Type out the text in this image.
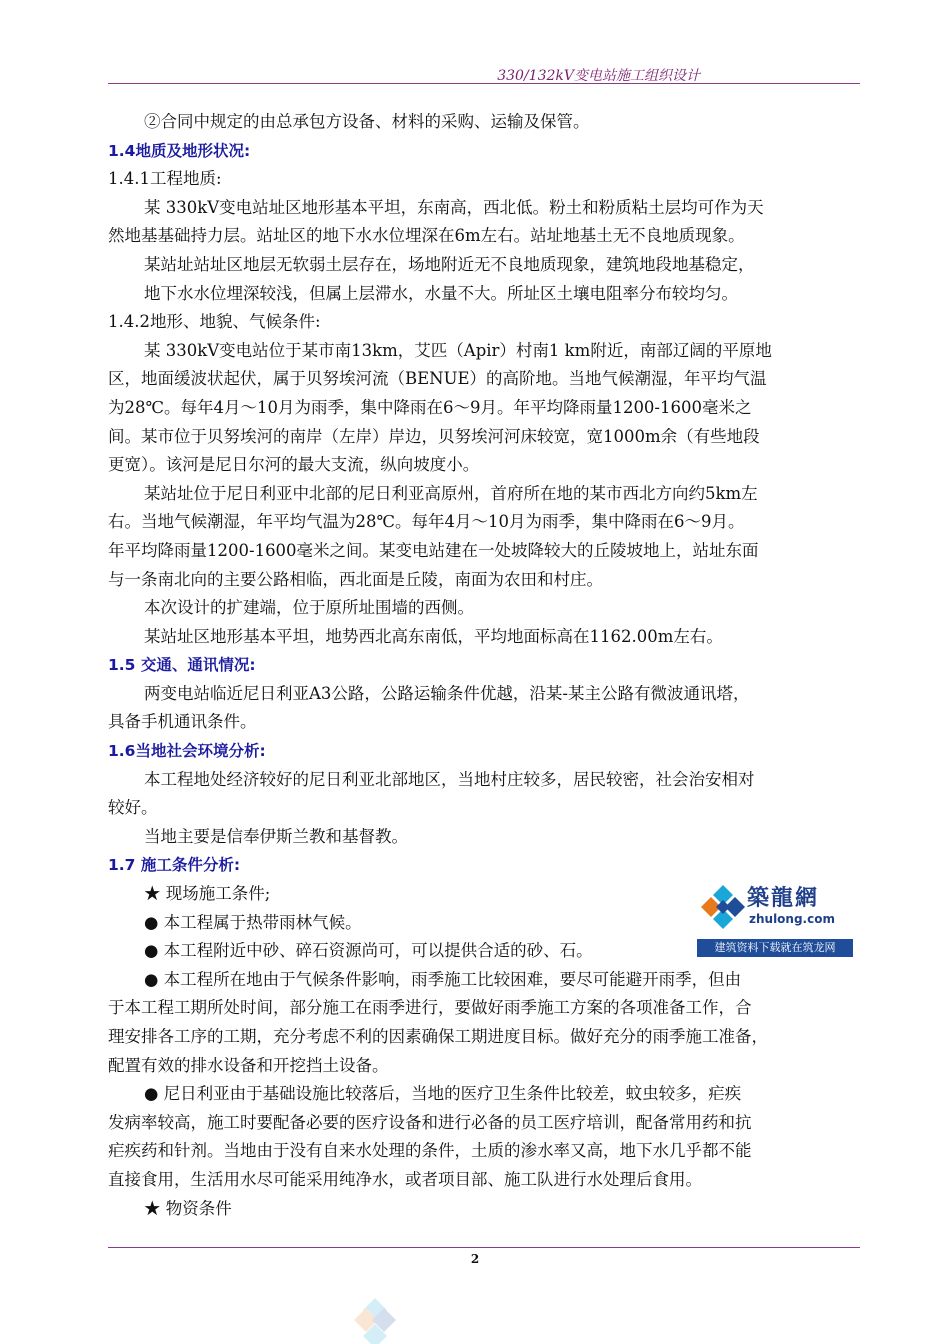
330/132kV变电站施工组织设计
②合同中规定的由总承包方设备、材料的采购、运输及保管。
1.4地质及地形状况:
1.4.1工程地质:
某 330kV变电站址区地形基本平坦，东南高，西北低。粉土和粉质粘土层均可作为天
然地基基础持力层。站址区的地下水水位埋深在6m左右。站址地基土无不良地质现象。
某站址站址区地层无软弱土层存在，场地附近无不良地质现象，建筑地段地基稳定，
地下水水位埋深较浅，但属上层滞水，水量不大。所址区土壤电阻率分布较均匀。
1.4.2地形、地貌、气候条件:
某 330kV变电站位于某市南13km，艾匹（Apir）村南1 km附近，南部辽阔的平原地
区，地面缓波状起伏，属于贝努埃河流（BENUE）的高阶地。当地气候潮湿，年平均气温
为28℃。每年4月～10月为雨季，集中降雨在6～9月。年平均降雨量1200-1600毫米之
间。某市位于贝努埃河的南岸（左岸）岸边，贝努埃河河床较宽，宽1000m余（有些地段
更宽）。该河是尼日尔河的最大支流，纵向坡度小。
某站址位于尼日利亚中北部的尼日利亚高原州，首府所在地的某市西北方向约5km左
右。当地气候潮湿，年平均气温为28℃。每年4月～10月为雨季，集中降雨在6～9月。
年平均降雨量1200-1600毫米之间。某变电站建在一处坡降较大的丘陵坡地上，站址东面
与一条南北向的主要公路相临，西北面是丘陵，南面为农田和村庄。
本次设计的扩建端，位于原所址围墙的西侧。
某站址区地形基本平坦，地势西北高东南低，平均地面标高在1162.00m左右。
1.5 交通、通讯情况:
两变电站临近尼日利亚A3公路，公路运输条件优越，沿某-某主公路有微波通讯塔，
具备手机通讯条件。
1.6当地社会环境分析:
本工程地处经济较好的尼日利亚北部地区，当地村庄较多，居民较密，社会治安相对
较好。
当地主要是信奉伊斯兰教和基督教。
1.7 施工条件分析:
★ 现场施工条件;
● 本工程属于热带雨林气候。
● 本工程附近中砂、碎石资源尚可，可以提供合适的砂、石。
● 本工程所在地由于气候条件影响，雨季施工比较困难，要尽可能避开雨季，但由
于本工程工期所处时间，部分施工在雨季进行，要做好雨季施工方案的各项准备工作，合
理安排各工序的工期，充分考虑不利的因素确保工期进度目标。做好充分的雨季施工准备，
配置有效的排水设备和开挖挡土设备。
● 尼日利亚由于基础设施比较落后，当地的医疗卫生条件比较差，蚊虫较多，疟疾
发病率较高，施工时要配备必要的医疗设备和进行必备的员工医疗培训，配备常用药和抗
疟疾药和针剂。当地由于没有自来水处理的条件，土质的渗水率又高，地下水几乎都不能
直接食用，生活用水尽可能采用纯净水，或者项目部、施工队进行水处理后食用。
★ 物资条件
築龍網
zhulong.com
建筑资料下载就在筑龙网
2
